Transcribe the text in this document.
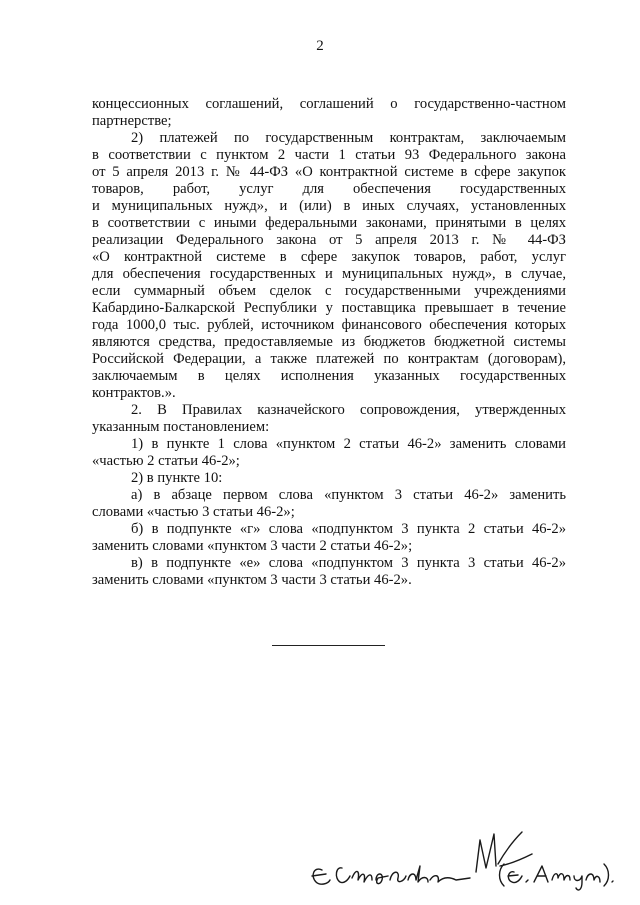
2
концессионных соглашений, соглашений о государственно-частном
партнерстве;
2) платежей по государственным контрактам, заключаемым
в соответствии с пунктом 2 части 1 статьи 93 Федерального закона
от 5 апреля 2013 г. № 44-ФЗ «О контрактной системе в сфере закупок
товаров, работ, услуг для обеспечения государственных
и муниципальных нужд», и (или) в иных случаях, установленных
в соответствии с иными федеральными законами, принятыми в целях
реализации Федерального закона от 5 апреля 2013 г. № 44-ФЗ
«О контрактной системе в сфере закупок товаров, работ, услуг
для обеспечения государственных и муниципальных нужд», в случае,
если суммарный объем сделок с государственными учреждениями
Кабардино-Балкарской Республики у поставщика превышает в течение
года 1000,0 тыс. рублей, источником финансового обеспечения которых
являются средства, предоставляемые из бюджетов бюджетной системы
Российской Федерации, а также платежей по контрактам (договорам),
заключаемым в целях исполнения указанных государственных
контрактов.».
2. В Правилах казначейского сопровождения, утвержденных
указанным постановлением:
1) в пункте 1 слова «пунктом 2 статьи 46-2» заменить словами
«частью 2 статьи 46-2»;
2) в пункте 10:
а) в абзаце первом слова «пунктом 3 статьи 46-2» заменить
словами «частью 3 статьи 46-2»;
б) в подпункте «г» слова «подпунктом 3 пункта 2 статьи 46-2»
заменить словами «пунктом 3 части 2 статьи 46-2»;
в) в подпункте «е» слова «подпунктом 3 пункта 3 статьи 46-2»
заменить словами «пунктом 3 части 3 статьи 46-2».
